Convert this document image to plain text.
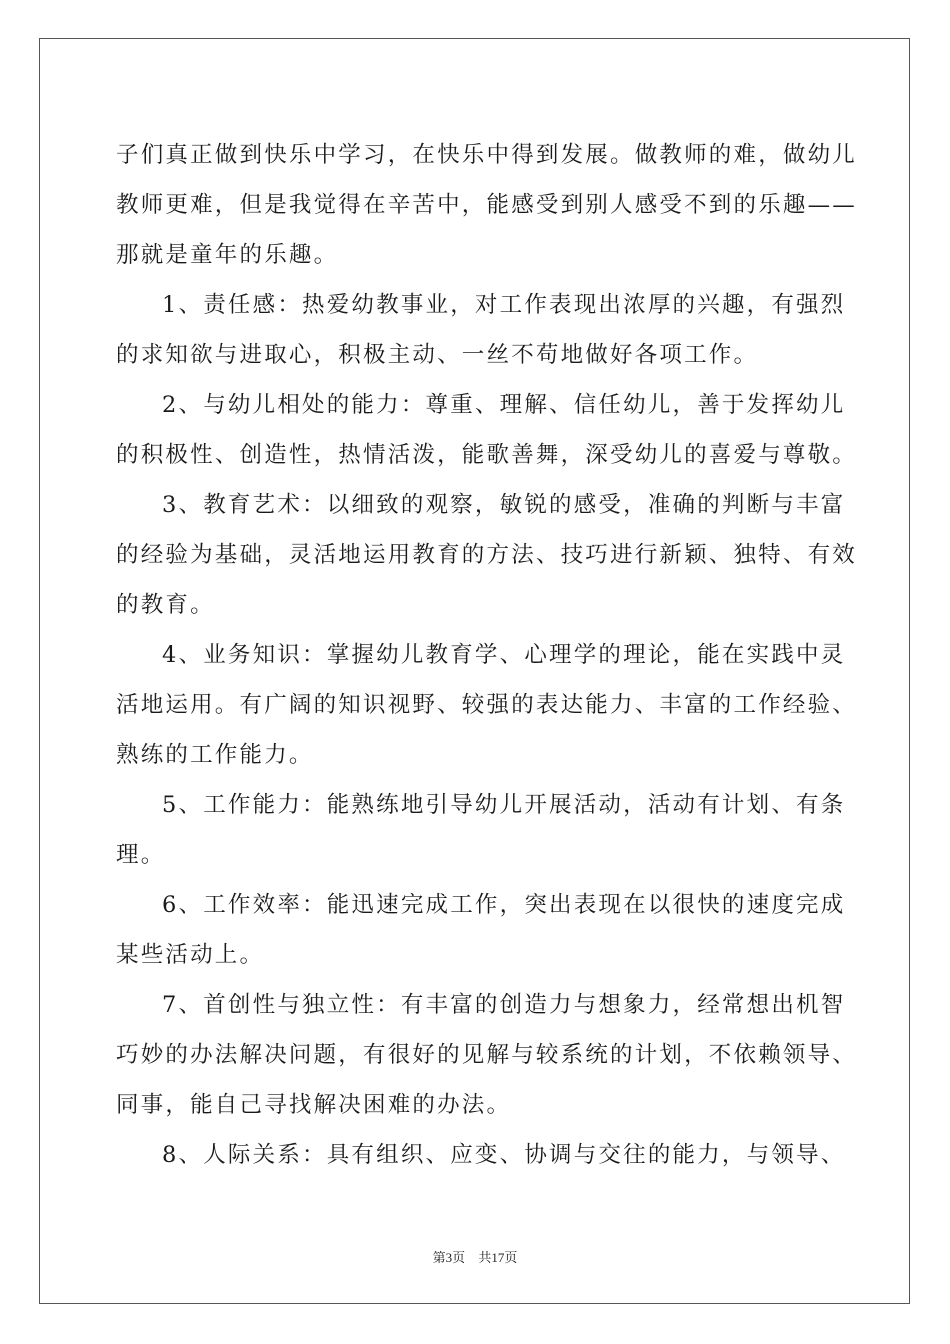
子们真正做到快乐中学习，在快乐中得到发展。做教师的难，做幼儿
教师更难，但是我觉得在辛苦中，能感受到别人感受不到的乐趣——
那就是童年的乐趣。
1、责任感：热爱幼教事业，对工作表现出浓厚的兴趣，有强烈
的求知欲与进取心，积极主动、一丝不苟地做好各项工作。
2、与幼儿相处的能力：尊重、理解、信任幼儿，善于发挥幼儿
的积极性、创造性，热情活泼，能歌善舞，深受幼儿的喜爱与尊敬。
3、教育艺术：以细致的观察，敏锐的感受，准确的判断与丰富
的经验为基础，灵活地运用教育的方法、技巧进行新颖、独特、有效
的教育。
4、业务知识：掌握幼儿教育学、心理学的理论，能在实践中灵
活地运用。有广阔的知识视野、较强的表达能力、丰富的工作经验、
熟练的工作能力。
5、工作能力：能熟练地引导幼儿开展活动，活动有计划、有条
理。
6、工作效率：能迅速完成工作，突出表现在以很快的速度完成
某些活动上。
7、首创性与独立性：有丰富的创造力与想象力，经常想出机智
巧妙的办法解决问题，有很好的见解与较系统的计划，不依赖领导、
同事，能自己寻找解决困难的办法。
8、人际关系：具有组织、应变、协调与交往的能力，与领导、
第3页 共17页
